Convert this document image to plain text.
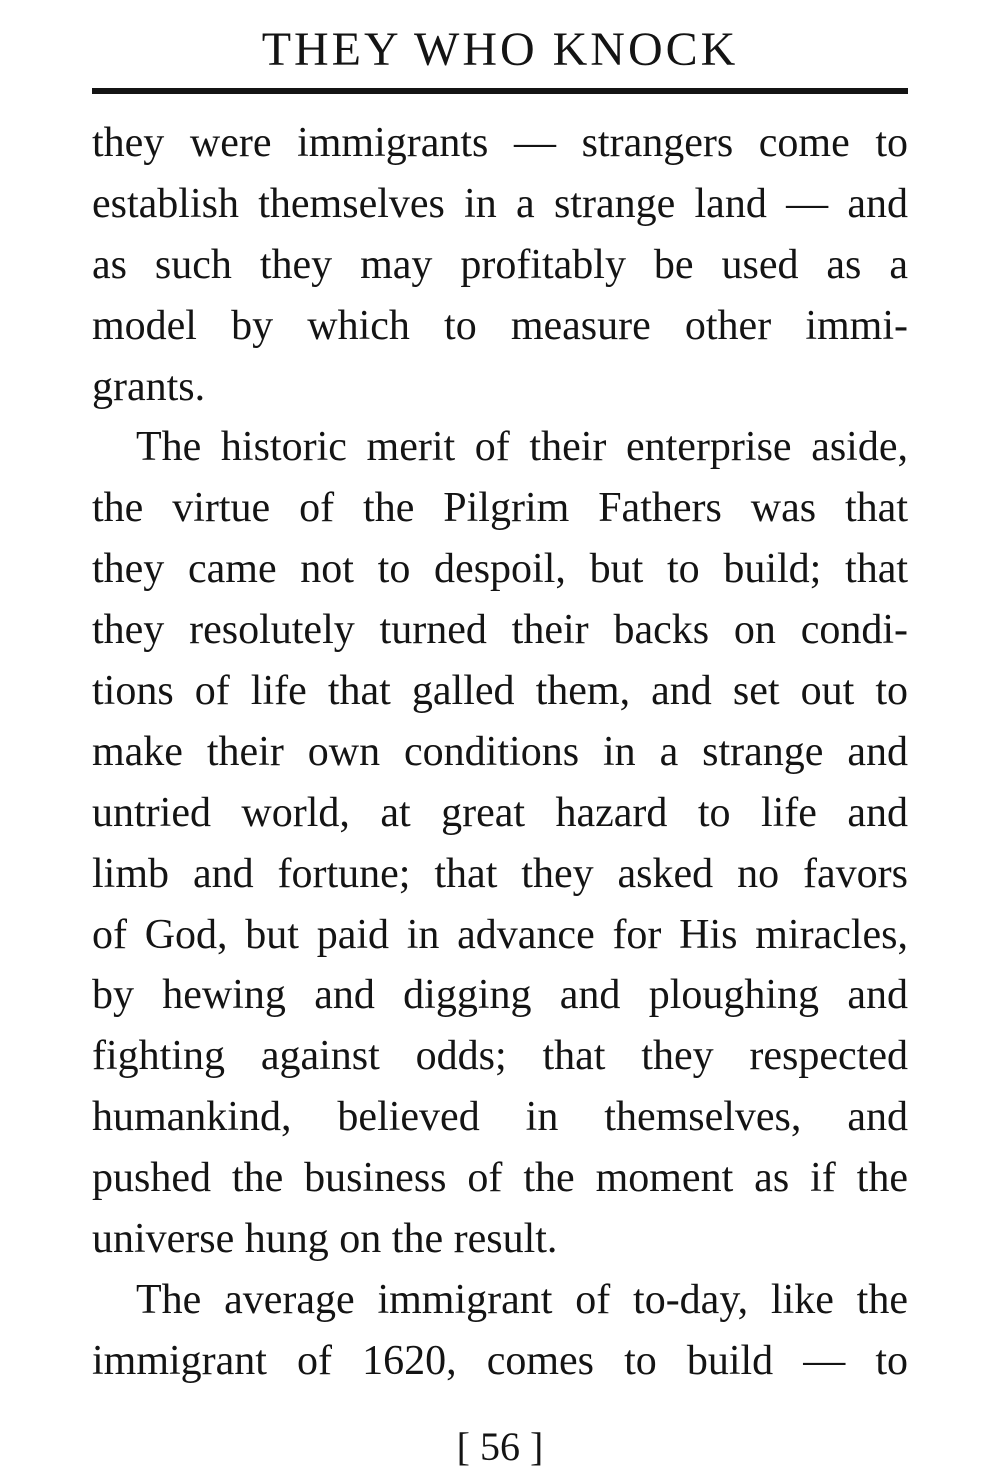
THEY WHO KNOCK
they were immigrants — strangers come to
establish themselves in a strange land — and
as such they may profitably be used as a
model by which to measure other immi-
grants.
The historic merit of their enterprise aside,
the virtue of the Pilgrim Fathers was that
they came not to despoil, but to build; that
they resolutely turned their backs on condi-
tions of life that galled them, and set out to
make their own conditions in a strange and
untried world, at great hazard to life and
limb and fortune; that they asked no favors
of God, but paid in advance for His miracles,
by hewing and digging and ploughing and
fighting against odds; that they respected
humankind, believed in themselves, and
pushed the business of the moment as if the
universe hung on the result.
The average immigrant of to-day, like the
immigrant of 1620, comes to build — to
[ 56 ]
